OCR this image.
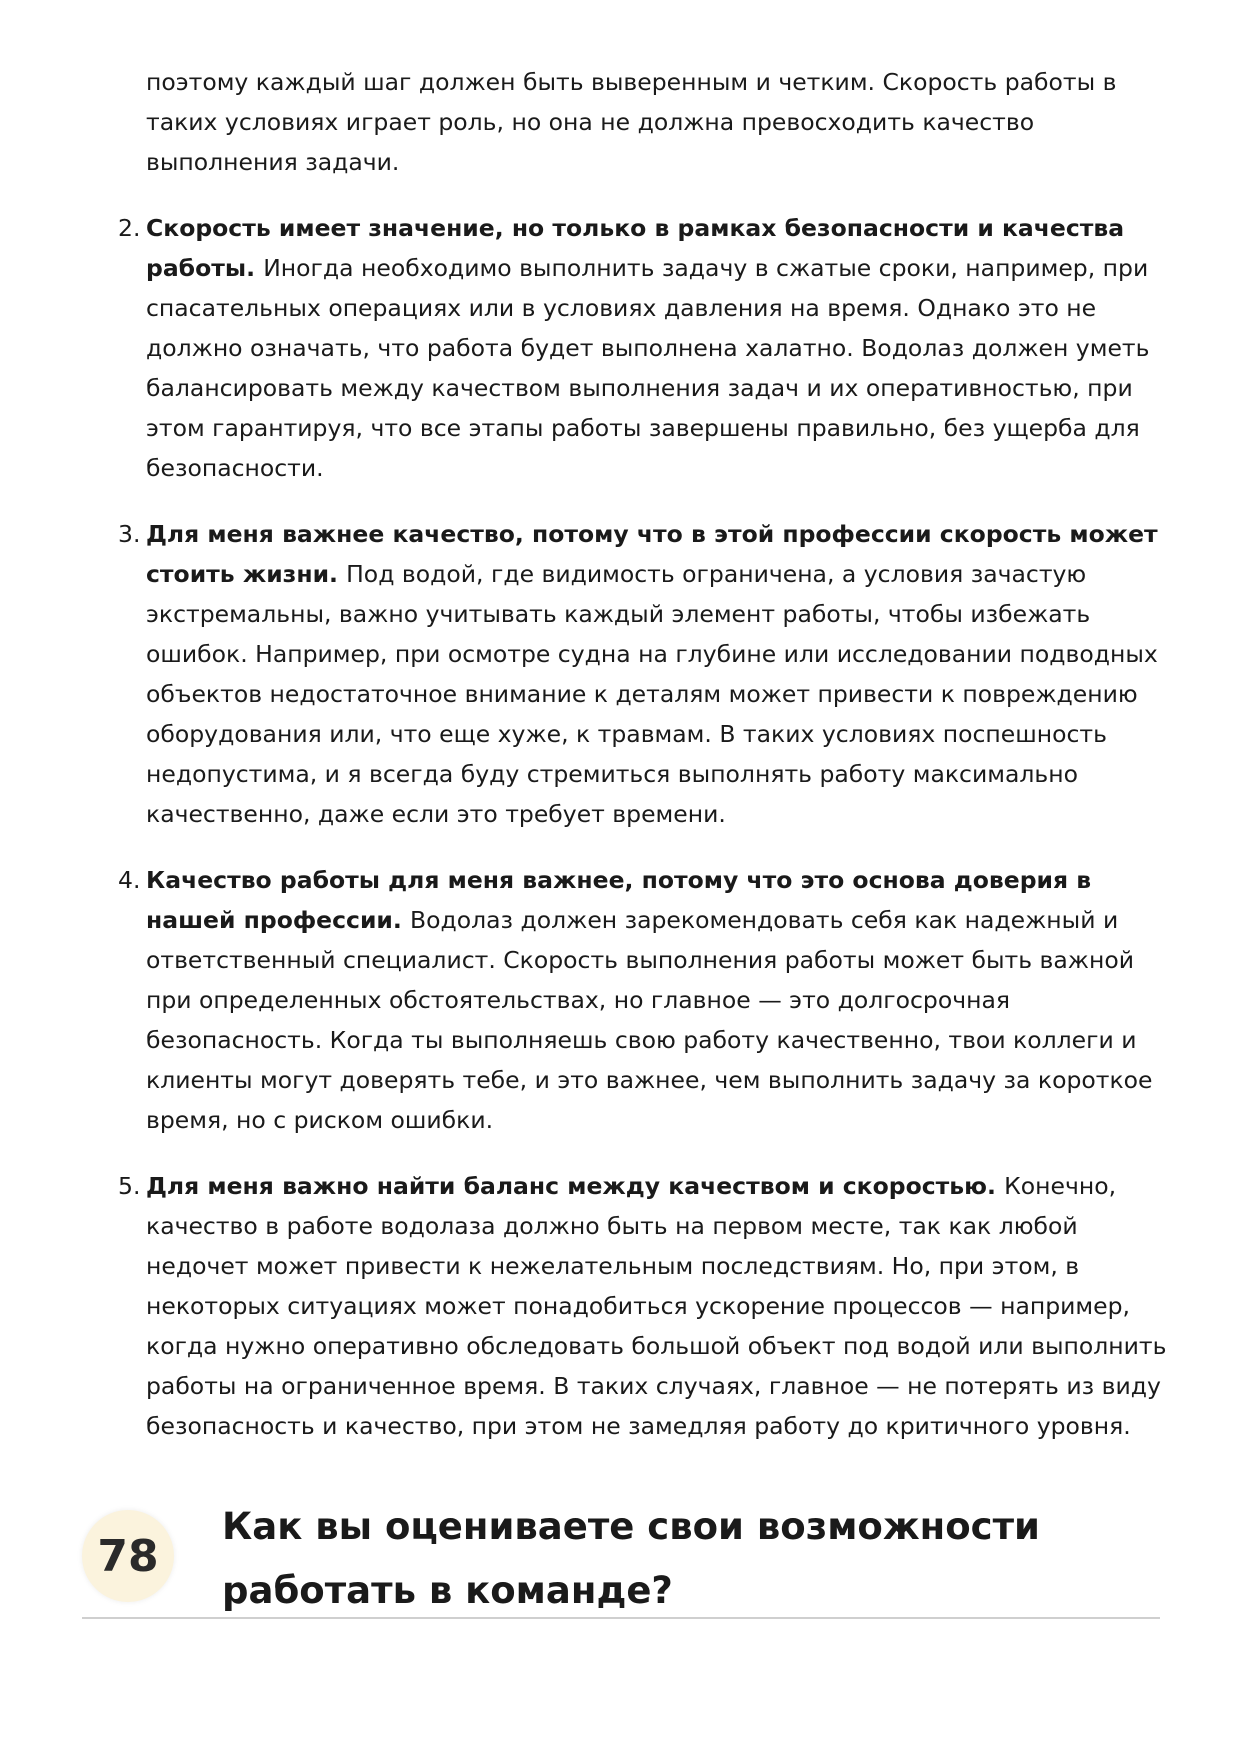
поэтому каждый шаг должен быть выверенным и четким. Скорость работы в таких условиях играет роль, но она не должна превосходить качество выполнения задачи.

2. Скорость имеет значение, но только в рамках безопасности и качества работы. Иногда необходимо выполнить задачу в сжатые сроки, например, при спасательных операциях или в условиях давления на время. Однако это не должно означать, что работа будет выполнена халатно. Водолаз должен уметь балансировать между качеством выполнения задач и их оперативностью, при этом гарантируя, что все этапы работы завершены правильно, без ущерба для безопасности.
3. Для меня важнее качество, потому что в этой профессии скорость может стоить жизни. Под водой, где видимость ограничена, а условия зачастую экстремальны, важно учитывать каждый элемент работы, чтобы избежать ошибок. Например, при осмотре судна на глубине или исследовании подводных объектов недостаточное внимание к деталям может привести к повреждению оборудования или, что еще хуже, к травмам. В таких условиях поспешность недопустима, и я всегда буду стремиться выполнять работу максимально качественно, даже если это требует времени.
4. Качество работы для меня важнее, потому что это основа доверия в нашей профессии. Водолаз должен зарекомендовать себя как надежный и ответственный специалист. Скорость выполнения работы может быть важной при определенных обстоятельствах, но главное — это долгосрочная безопасность. Когда ты выполняешь свою работу качественно, твои коллеги и клиенты могут доверять тебе, и это важнее, чем выполнить задачу за короткое время, но с риском ошибки.
5. Для меня важно найти баланс между качеством и скоростью. Конечно, качество в работе водолаза должно быть на первом месте, так как любой недочет может привести к нежелательным последствиям. Но, при этом, в некоторых ситуациях может понадобиться ускорение процессов — например, когда нужно оперативно обследовать большой объект под водой или выполнить работы на ограниченное время. В таких случаях, главное — не потерять из виду безопасность и качество, при этом не замедляя работу до критичного уровня.
78
Как вы оцениваете свои возможности работать в команде?
